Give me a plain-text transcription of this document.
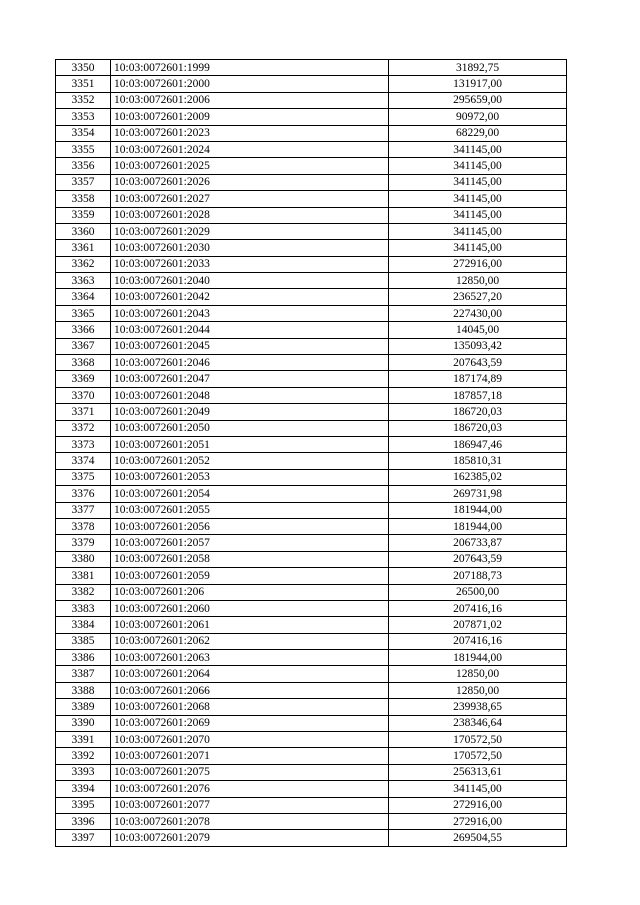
3350	10:03:0072601:1999	31892,75
3351	10:03:0072601:2000	131917,00
3352	10:03:0072601:2006	295659,00
3353	10:03:0072601:2009	90972,00
3354	10:03:0072601:2023	68229,00
3355	10:03:0072601:2024	341145,00
3356	10:03:0072601:2025	341145,00
3357	10:03:0072601:2026	341145,00
3358	10:03:0072601:2027	341145,00
3359	10:03:0072601:2028	341145,00
3360	10:03:0072601:2029	341145,00
3361	10:03:0072601:2030	341145,00
3362	10:03:0072601:2033	272916,00
3363	10:03:0072601:2040	12850,00
3364	10:03:0072601:2042	236527,20
3365	10:03:0072601:2043	227430,00
3366	10:03:0072601:2044	14045,00
3367	10:03:0072601:2045	135093,42
3368	10:03:0072601:2046	207643,59
3369	10:03:0072601:2047	187174,89
3370	10:03:0072601:2048	187857,18
3371	10:03:0072601:2049	186720,03
3372	10:03:0072601:2050	186720,03
3373	10:03:0072601:2051	186947,46
3374	10:03:0072601:2052	185810,31
3375	10:03:0072601:2053	162385,02
3376	10:03:0072601:2054	269731,98
3377	10:03:0072601:2055	181944,00
3378	10:03:0072601:2056	181944,00
3379	10:03:0072601:2057	206733,87
3380	10:03:0072601:2058	207643,59
3381	10:03:0072601:2059	207188,73
3382	10:03:0072601:206	26500,00
3383	10:03:0072601:2060	207416,16
3384	10:03:0072601:2061	207871,02
3385	10:03:0072601:2062	207416,16
3386	10:03:0072601:2063	181944,00
3387	10:03:0072601:2064	12850,00
3388	10:03:0072601:2066	12850,00
3389	10:03:0072601:2068	239938,65
3390	10:03:0072601:2069	238346,64
3391	10:03:0072601:2070	170572,50
3392	10:03:0072601:2071	170572,50
3393	10:03:0072601:2075	256313,61
3394	10:03:0072601:2076	341145,00
3395	10:03:0072601:2077	272916,00
3396	10:03:0072601:2078	272916,00
3397	10:03:0072601:2079	269504,55
